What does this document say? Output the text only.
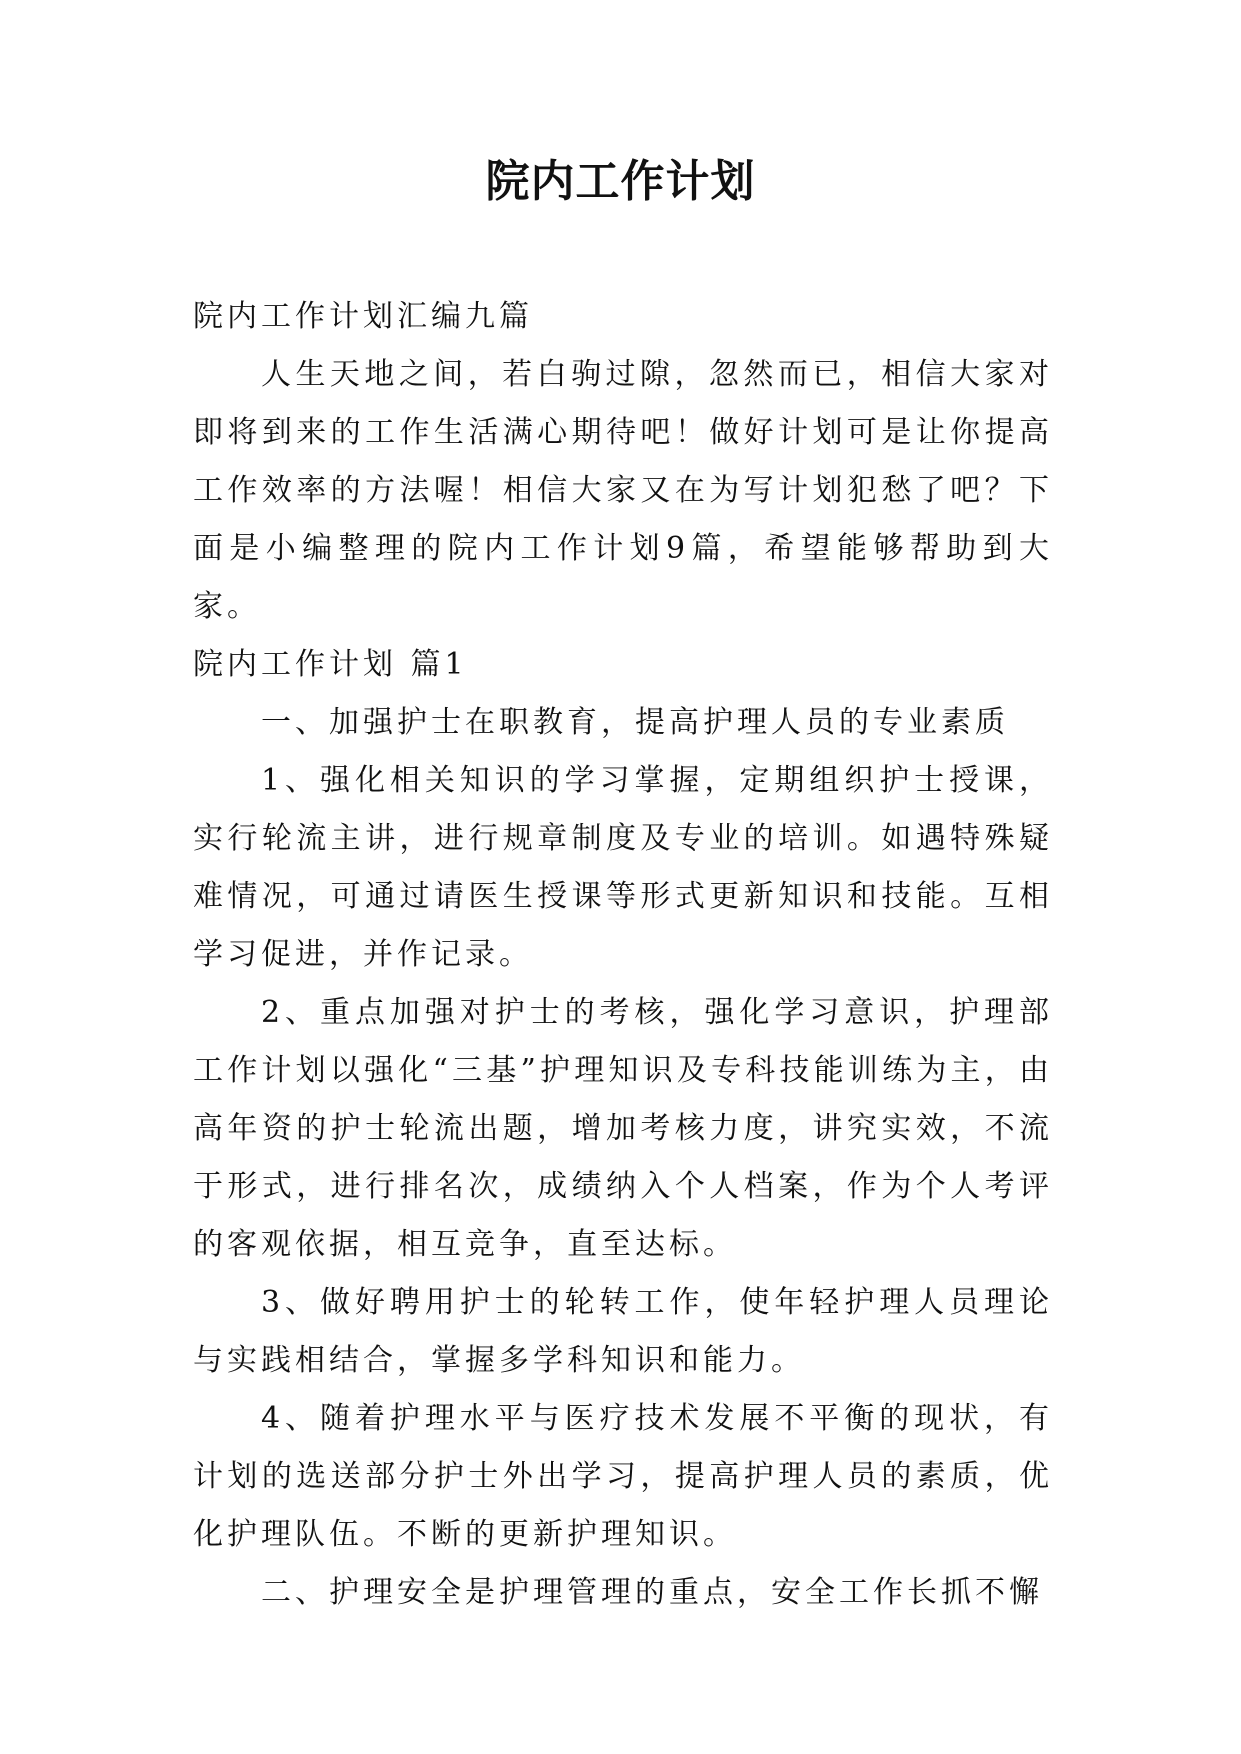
院内工作计划

院内工作计划汇编九篇

人生天地之间，若白驹过隙，忽然而已，相信大家对即将到来的工作生活满心期待吧！做好计划可是让你提高工作效率的方法喔！相信大家又在为写计划犯愁了吧？下面是小编整理的院内工作计划9篇，希望能够帮助到大家。

院内工作计划 篇1

一、加强护士在职教育，提高护理人员的专业素质

1、强化相关知识的学习掌握，定期组织护士授课，实行轮流主讲，进行规章制度及专业的培训。如遇特殊疑难情况，可通过请医生授课等形式更新知识和技能。互相学习促进，并作记录。

2、重点加强对护士的考核，强化学习意识，护理部工作计划以强化“三基”护理知识及专科技能训练为主，由高年资的护士轮流出题，增加考核力度，讲究实效，不流于形式，进行排名次，成绩纳入个人档案，作为个人考评的客观依据，相互竞争，直至达标。

3、做好聘用护士的轮转工作，使年轻护理人员理论与实践相结合，掌握多学科知识和能力。

4、随着护理水平与医疗技术发展不平衡的现状，有计划的选送部分护士外出学习，提高护理人员的素质，优化护理队伍。不断的更新护理知识。

二、护理安全是护理管理的重点，安全工作长抓不懈
